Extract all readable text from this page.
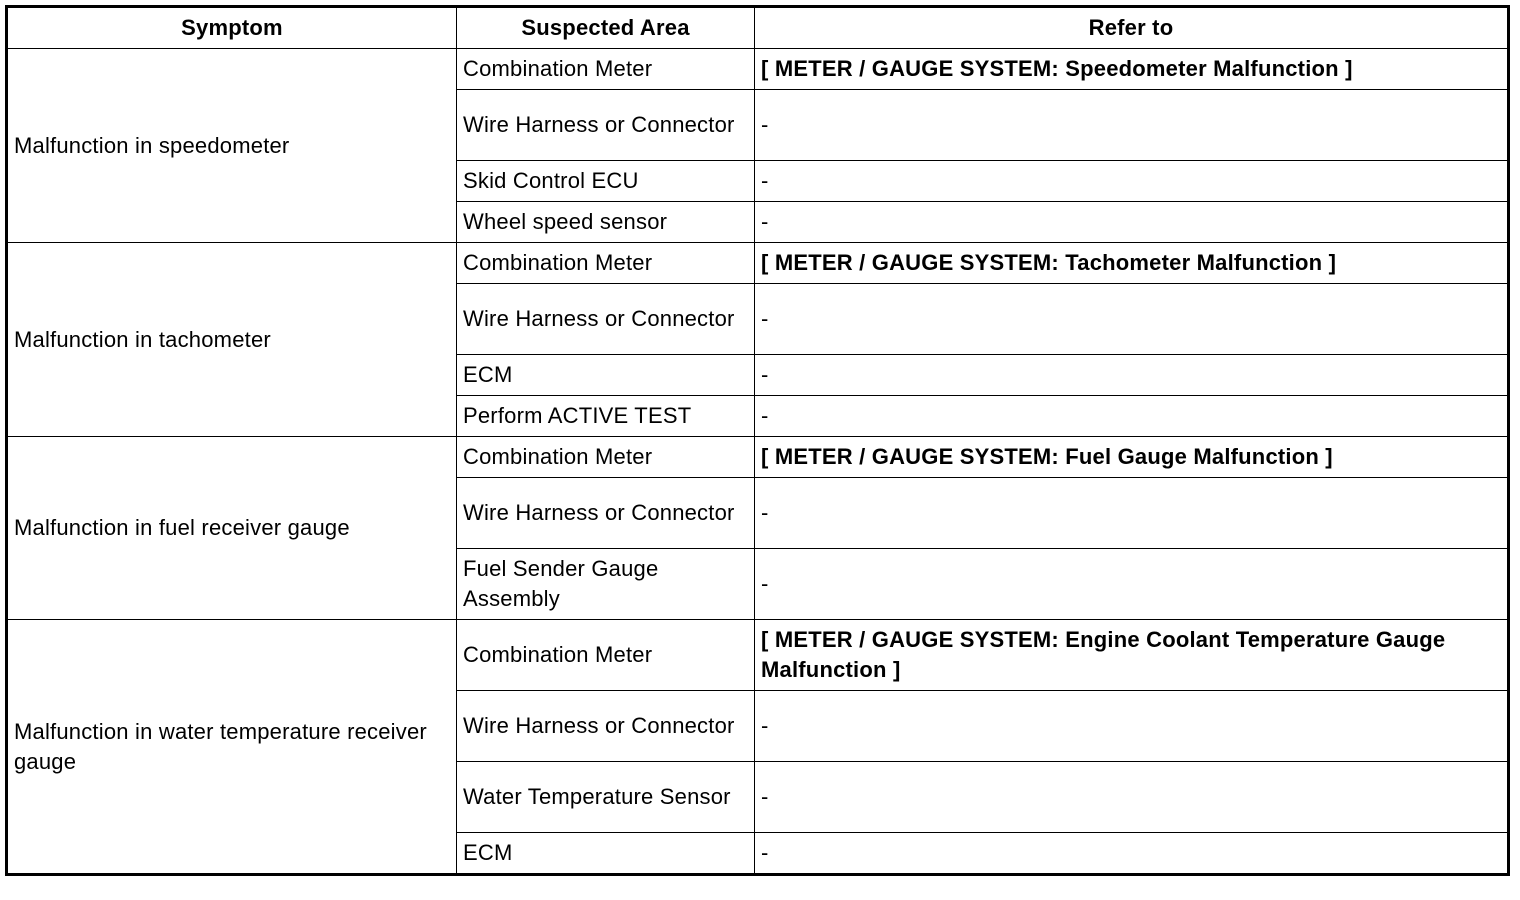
Symptom	Suspected Area	Refer to
Malfunction in speedometer	Combination Meter	[ METER / GAUGE SYSTEM: Speedometer Malfunction ]
	Wire Harness or Connector	-
	Skid Control ECU	-
	Wheel speed sensor	-
Malfunction in tachometer	Combination Meter	[ METER / GAUGE SYSTEM: Tachometer Malfunction ]
	Wire Harness or Connector	-
	ECM	-
	Perform ACTIVE TEST	-
Malfunction in fuel receiver gauge	Combination Meter	[ METER / GAUGE SYSTEM: Fuel Gauge Malfunction ]
	Wire Harness or Connector	-
	Fuel Sender Gauge Assembly	-
Malfunction in water temperature receiver gauge	Combination Meter	[ METER / GAUGE SYSTEM: Engine Coolant Temperature Gauge Malfunction ]
	Wire Harness or Connector	-
	Water Temperature Sensor	-
	ECM	-
